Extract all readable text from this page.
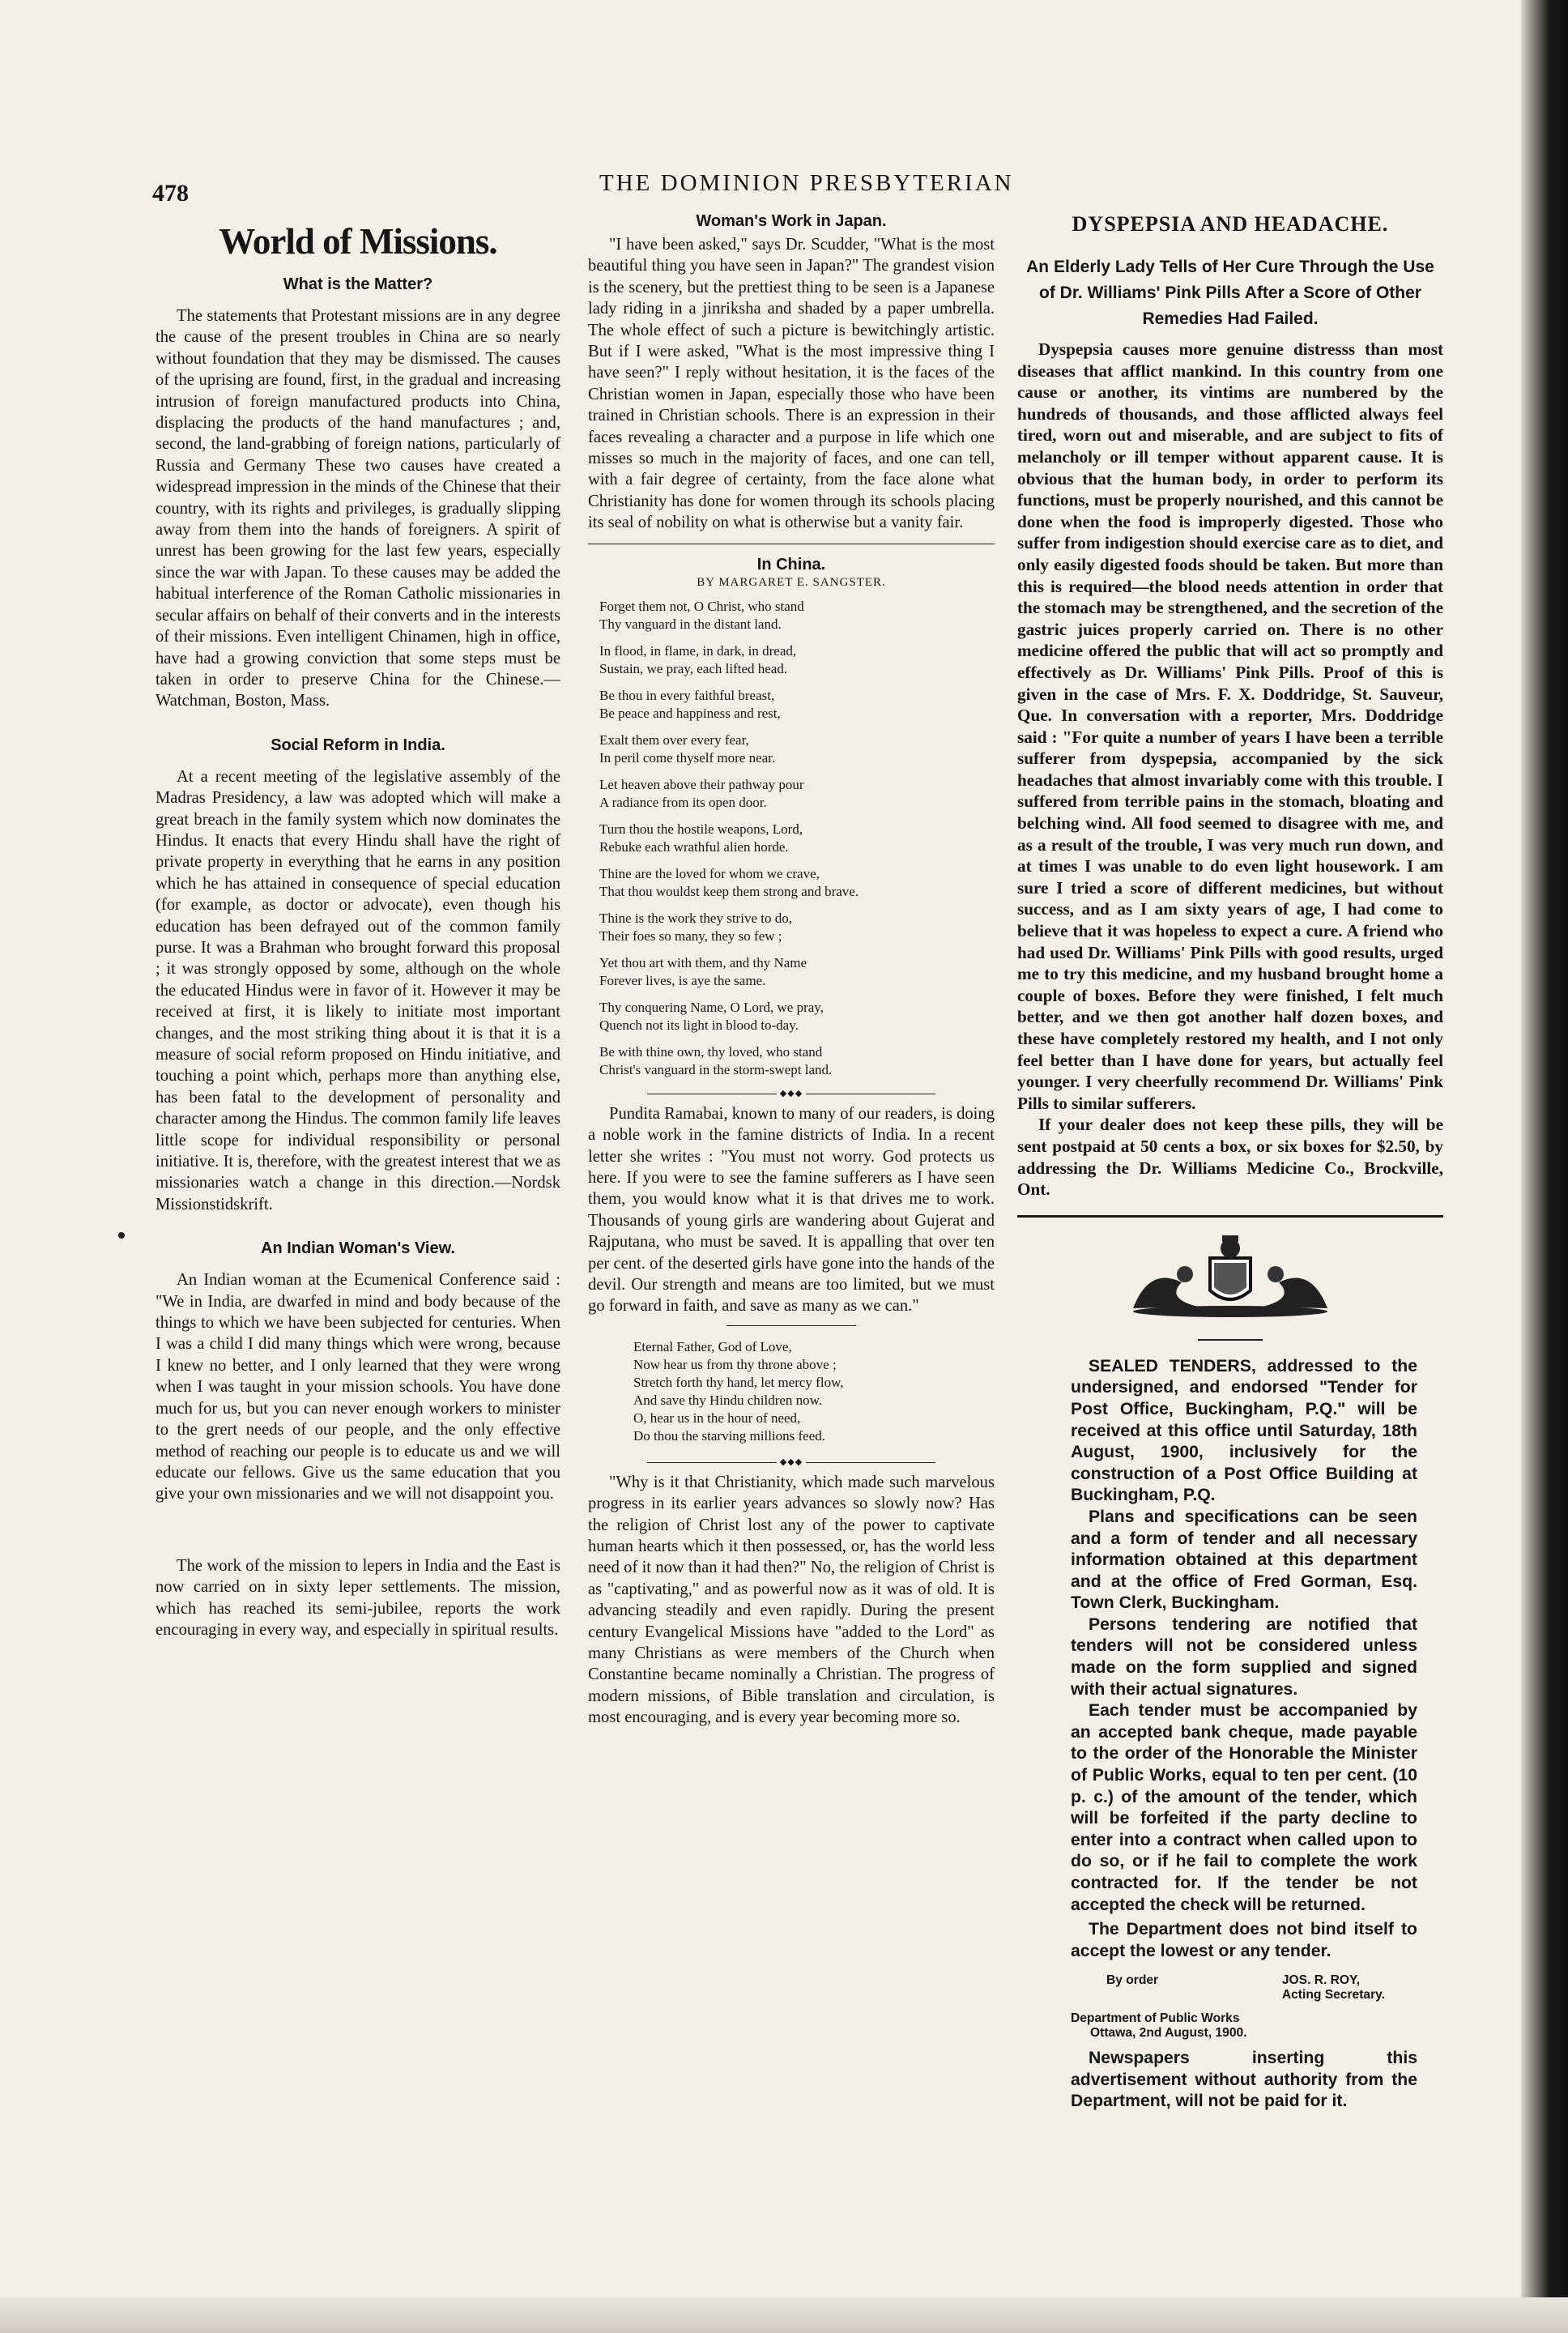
478	THE DOMINION PRESBYTERIAN
World of Missions.
What is the Matter?

The statements that Protestant missions are in any degree the cause of the present troubles in China are so nearly without foundation that they may be dismissed. The causes of the uprising are found, first, in the gradual and increasing intrusion of foreign manufactured products into China, displacing the products of the hand manufactures ; and, second, the land-grabbing of foreign nations, particularly of Russia and Germany These two causes have created a widespread impression in the minds of the Chinese that their country, with its rights and privileges, is gradually slipping away from them into the hands of foreigners. A spirit of unrest has been growing for the last few years, especially since the war with Japan. To these causes may be added the habitual interference of the Roman Catholic missionaries in secular affairs on behalf of their converts and in the interests of their missions. Even intelligent Chinamen, high in office, have had a growing conviction that some steps must be taken in order to preserve China for the Chinese.—Watchman, Boston, Mass.

Social Reform in India.

At a recent meeting of the legislative assembly of the Madras Presidency, a law was adopted which will make a great breach in the family system which now dominates the Hindus. It enacts that every Hindu shall have the right of private property in everything that he earns in any position which he has attained in consequence of special education (for example, as doctor or advocate), even though his education has been defrayed out of the common family purse. It was a Brahman who brought forward this proposal ; it was strongly opposed by some, although on the whole the educated Hindus were in favor of it. However it may be received at first, it is likely to initiate most important changes, and the most striking thing about it is that it is a measure of social reform proposed on Hindu initiative, and touching a point which, perhaps more than anything else, has been fatal to the development of personality and character among the Hindus. The common family life leaves little scope for individual responsibility or personal initiative. It is, therefore, with the greatest interest that we as missionaries watch a change in this direction.—Nordsk Missionstidskrift.

An Indian Woman's View.

An Indian woman at the Ecumenical Conference said : "We in India, are dwarfed in mind and body because of the things to which we have been subjected for centuries. When I was a child I did many things which were wrong, because I knew no better, and I only learned that they were wrong when I was taught in your mission schools. You have done much for us, but you can never enough workers to minister to the grert needs of our people, and the only effective method of reaching our people is to educate us and we will educate our fellows. Give us the same education that you give your own missionaries and we will not disappoint you.

The work of the mission to lepers in India and the East is now carried on in sixty leper settlements. The mission, which has reached its semi-jubilee, reports the work encouraging in every way, and especially in spiritual results.

Woman's Work in Japan.

"I have been asked," says Dr. Scudder, "What is the most beautiful thing you have seen in Japan?" The grandest vision is the scenery, but the prettiest thing to be seen is a Japanese lady riding in a jinriksha and shaded by a paper umbrella. The whole effect of such a picture is bewitchingly artistic. But if I were asked, "What is the most impressive thing I have seen?" I reply without hesitation, it is the faces of the Christian women in Japan, especially those who have been trained in Christian schools. There is an expression in their faces revealing a character and a purpose in life which one misses so much in the majority of faces, and one can tell, with a fair degree of certainty, from the face alone what Christianity has done for women through its schools placing its seal of nobility on what is otherwise but a vanity fair.

In China.
BY MARGARET E. SANGSTER.
Forget them not, O Christ, who stand
Thy vanguard in the distant land.
In flood, in flame, in dark, in dread,
Sustain, we pray, each lifted head.
Be thou in every faithful breast,
Be peace and happiness and rest,
Exalt them over every fear,
In peril come thyself more near.
Let heaven above their pathway pour
A radiance from its open door.
Turn thou the hostile weapons, Lord,
Rebuke each wrathful alien horde.
Thine are the loved for whom we crave,
That thou wouldst keep them strong and brave.
Thine is the work they strive to do,
Their foes so many, they so few ;
Yet thou art with them, and thy Name
Forever lives, is aye the same.
Thy conquering Name, O Lord, we pray,
Quench not its light in blood to-day.
Be with thine own, thy loved, who stand
Christ's vanguard in the storm-swept land.
◆◆◆

Pundita Ramabai, known to many of our readers, is doing a noble work in the famine districts of India. In a recent letter she writes : "You must not worry. God protects us here. If you were to see the famine sufferers as I have seen them, you would know what it is that drives me to work. Thousands of young girls are wandering about Gujerat and Rajputana, who must be saved. It is appalling that over ten per cent. of the deserted girls have gone into the hands of the devil. Our strength and means are too limited, but we must go forward in faith, and save as many as we can."

Eternal Father, God of Love,
Now hear us from thy throne above ;
Stretch forth thy hand, let mercy flow,
And save thy Hindu children now.
O, hear us in the hour of need,
Do thou the starving millions feed.
◆◆◆

"Why is it that Christianity, which made such marvelous progress in its earlier years advances so slowly now? Has the religion of Christ lost any of the power to captivate human hearts which it then possessed, or, has the world less need of it now than it had then?" No, the religion of Christ is as "captivating," and as powerful now as it was of old. It is advancing steadily and even rapidly. During the present century Evangelical Missions have "added to the Lord" as many Christians as were members of the Church when Constantine became nominally a Christian. The progress of modern missions, of Bible translation and circulation, is most encouraging, and is every year becoming more so.

DYSPEPSIA AND HEADACHE.
An Elderly Lady Tells of Her Cure Through the Use of Dr. Williams' Pink Pills After a Score of Other Remedies Had Failed.

Dyspepsia causes more genuine distresss than most diseases that afflict mankind. In this country from one cause or another, its vintims are numbered by the hundreds of thousands, and those afflicted always feel tired, worn out and miserable, and are subject to fits of melancholy or ill temper without apparent cause. It is obvious that the human body, in order to perform its functions, must be properly nourished, and this cannot be done when the food is improperly digested. Those who suffer from indigestion should exercise care as to diet, and only easily digested foods should be taken. But more than this is required—the blood needs attention in order that the stomach may be strengthened, and the secretion of the gastric juices properly carried on. There is no other medicine offered the public that will act so promptly and effectively as Dr. Williams' Pink Pills. Proof of this is given in the case of Mrs. F. X. Doddridge, St. Sauveur, Que. In conversation with a reporter, Mrs. Doddridge said : "For quite a number of years I have been a terrible sufferer from dyspepsia, accompanied by the sick headaches that almost invariably come with this trouble. I suffered from terrible pains in the stomach, bloating and belching wind. All food seemed to disagree with me, and as a result of the trouble, I was very much run down, and at times I was unable to do even light housework. I am sure I tried a score of different medicines, but without success, and as I am sixty years of age, I had come to believe that it was hopeless to expect a cure. A friend who had used Dr. Williams' Pink Pills with good results, urged me to try this medicine, and my husband brought home a couple of boxes. Before they were finished, I felt much better, and we then got another half dozen boxes, and these have completely restored my health, and I not only feel better than I have done for years, but actually feel younger. I very cheerfully recommend Dr. Williams' Pink Pills to similar sufferers.

If your dealer does not keep these pills, they will be sent postpaid at 50 cents a box, or six boxes for $2.50, by addressing the Dr. Williams Medicine Co., Brockville, Ont.

SEALED TENDERS, addressed to the undersigned, and endorsed "Tender for Post Office, Buckingham, P.Q." will be received at this office until Saturday, 18th August, 1900, inclusively for the construction of a Post Office Building at Buckingham, P.Q.

Plans and specifications can be seen and a form of tender and all necessary information obtained at this department and at the office of Fred Gorman, Esq. Town Clerk, Buckingham.

Persons tendering are notified that tenders will not be considered unless made on the form supplied and signed with their actual signatures.

Each tender must be accompanied by an accepted bank cheque, made payable to the order of the Honorable the Minister of Public Works, equal to ten per cent. (10 p. c.) of the amount of the tender, which will be forfeited if the party decline to enter into a contract when called upon to do so, or if he fail to complete the work contracted for. If the tender be not accepted the check will be returned.

The Department does not bind itself to accept the lowest or any tender.

By order	JOS. R. ROY,
Acting Secretary.
Department of Public Works
Ottawa, 2nd August, 1900.

Newspapers inserting this advertisement without authority from the Department, will not be paid for it.
